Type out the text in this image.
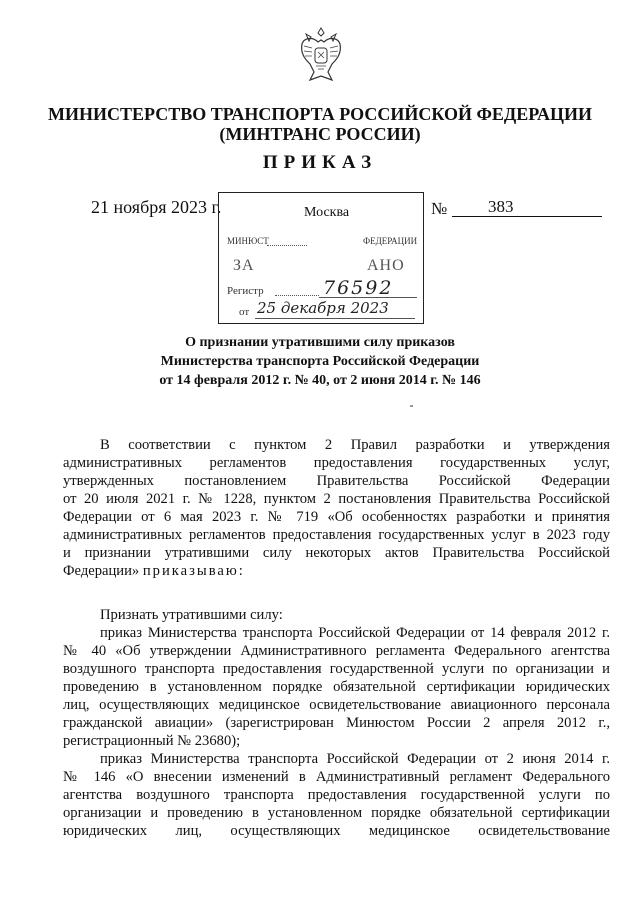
МИНИСТЕРСТВО ТРАНСПОРТА РОССИЙСКОЙ ФЕДЕРАЦИИ
(МИНТРАНС РОССИИ)
ПРИКАЗ
21 ноября 2023 г.	№ 383
МИНЮСТ	ФЕДЕРАЦИИ
ЗА	АНО
Регистр	76592
от 25 декабря 2023
Москва
О признании утратившими силу приказов
Министерства транспорта Российской Федерации
от 14 февраля 2012 г. № 40, от 2 июня 2014 г. № 146
В соответствии с пунктом 2 Правил разработки и утверждения
административных регламентов предоставления государственных услуг,
утвержденных постановлением Правительства Российской Федерации
от 20 июля 2021 г. № 1228, пунктом 2 постановления Правительства Российской
Федерации от 6 мая 2023 г. № 719 «Об особенностях разработки и принятия
административных регламентов предоставления государственных услуг в 2023 году
и признании утратившими силу некоторых актов Правительства Российской
Федерации» приказываю:
Признать утратившими силу:
приказ Министерства транспорта Российской Федерации от 14 февраля 2012 г.
№ 40 «Об утверждении Административного регламента Федерального агентства
воздушного транспорта предоставления государственной услуги по организации и
проведению в установленном порядке обязательной сертификации юридических
лиц, осуществляющих медицинское освидетельствование авиационного персонала
гражданской авиации» (зарегистрирован Минюстом России 2 апреля 2012 г.,
регистрационный № 23680);
приказ Министерства транспорта Российской Федерации от 2 июня 2014 г.
№ 146 «О внесении изменений в Административный регламент Федерального
агентства воздушного транспорта предоставления государственной услуги по
организации и проведению в установленном порядке обязательной сертификации
юридических лиц, осуществляющих медицинское освидетельствование
